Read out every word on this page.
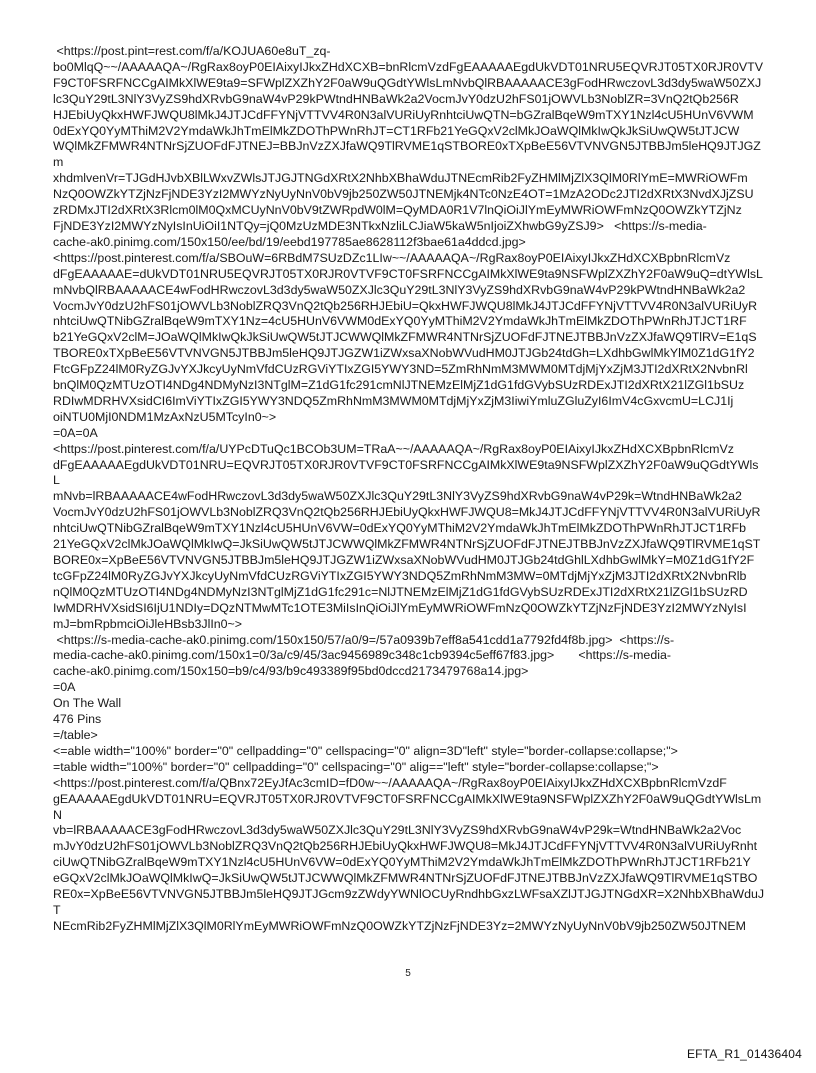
<https://post.pint=rest.com/f/a/KOJUA60e8uT_zq-
bo0MlqQ~~/AAAAAQA~/RgRax8oyP0EIAixyIJkxZHdXCXB=bnRlcmVzdFgEAAAAAEgdUkVDT01NRU5EQVRJT05TX0RJR0VTV
F9CT0FSRFNCCgAIMkXlWE9ta9=SFWplZXZhY2F0aW9uQGdtYWlsLmNvbQlRBAAAAACE3gFodHRwczovL3d3dy5waW50ZXJ
lc3QuY29tL3NlY3VyZS9hdXRvbG9naW4vP29kPWtndHNBaWk2a2VocmJvY0dzU2hFS01jOWVLb3NoblZR=3VnQ2tQb256R
HJEbiUyQkxHWFJWQU8lMkJ4JTJCdFFYNjVTTVV4R0N3alVURiUyRnhtciUwQTN=bGZralBqeW9mTXY1Nzl4cU5HUnV6VWM
0dExYQ0YyMThiM2V2YmdaWkJhTmElMkZDOThPWnRhJT=CT1RFb21YeGQxV2clMkJOaWQlMkIwQkJkSiUwQW5tJTJCW
WQlMkZFMWR4NTNrSjZUOFdFJTNEJ=BBJnVzZXJfaWQ9TlRVME1qSTBORE0xTXpBeE56VTVNVGN5JTBBJm5leHQ9JTJGZm
xhdmlvenVr=TJGdHJvbXBlLWxvZWlsJTJGJTNGdXRtX2NhbXBhaWduJTNEcmRib2FyZHMlMjZlX3QlM0RlYmE=MWRiOWFm
NzQ0OWZkYTZjNzFjNDE3YzI2MWYzNyUyNnV0bV9jb250ZW50JTNEMjk4NTc0NzE4OT=1MzA2ODc2JTI2dXRtX3NvdXJjZSU
zRDMxJTI2dXRtX3Rlcm0lM0QxMCUyNnV0bV9tZWRpdW0lM=QyMDA0R1V7lnQiOiJlYmEyMWRiOWFmNzQ0OWZkYTZjNz
FjNDE3YzI2MWYzNyIsInUiOiI1NTQy=jQ0MzUzMDE3NTkxNzliLCJiaW5kaW5nIjoiZXhwbG9yZSJ9>   <https://s-media-
cache-ak0.pinimg.com/150x150/ee/bd/19/eebd197785ae8628112f3bae61a4ddcd.jpg>
<https://post.pinterest.com/f/a/SBOuW=6RBdM7SUzDZc1LIw~~/AAAAAQA~/RgRax8oyP0EIAixyIJkxZHdXCXBpbnRlcmVz
dFgEAAAAAE=dUkVDT01NRU5EQVRJT05TX0RJR0VTVF9CT0FSRFNCCgAIMkXlWE9ta9NSFWplZXZhY2F0aW9uQ=dtYWlsL
mNvbQlRBAAAAACE4wFodHRwczovL3d3dy5waW50ZXJlc3QuY29tL3NlY3VyZS9hdXRvbG9naW4vP29kPWtndHNBaWk2a2
VocmJvY0dzU2hFS01jOWVLb3NoblZRQ3VnQ2tQb256RHJEbiU=QkxHWFJWQU8lMkJ4JTJCdFFYNjVTTVV4R0N3alVURiUyR
nhtciUwQTNibGZralBqeW9mTXY1Nz=4cU5HUnV6VWM0dExYQ0YyMThiM2V2YmdaWkJhTmElMkZDOThPWnRhJTJCT1RF
b21YeGQxV2clM=JOaWQlMkIwQkJkSiUwQW5tJTJCWWQlMkZFMWR4NTNrSjZUOFdFJTNEJTBBJnVzZXJfaWQ9TlRV=E1qS
TBORE0xTXpBeE56VTVNVGN5JTBBJm5leHQ9JTJGZW1iZWxsaXNobWVudHM0JTJGb24tdGh=LXdhbGwlMkYlM0Z1dG1fY2
FtcGFpZ24lM0RyZGJvYXJkcyUyNmVfdCUzRGViYTIxZGI5YWY3ND=5ZmRhNmM3MWM0MTdjMjYxZjM3JTI2dXRtX2NvbnRl
bnQlM0QzMTUzOTI4NDg4NDMyNzI3NTglM=Z1dG1fc291cmNlJTNEMzElMjZ1dG1fdGVybSUzRDExJTI2dXRtX21lZGl1bSUz
RDIwMDRHVXsidCI6ImViYTIxZGI5YWY3NDQ5ZmRhNmM3MWM0MTdjMjYxZjM3IiwiYmluZGluZyI6ImV4cGxvcmU=LCJ1Ij
oiNTU0MjI0NDM1MzAxNzU5MTcyIn0~>
=0A=0A
<https://post.pinterest.com/f/a/UYPcDTuQc1BCOb3UM=TRaA~~/AAAAAQA~/RgRax8oyP0EIAixyIJkxZHdXCXBpbnRlcmVz
dFgEAAAAAEgdUkVDT01NRU=EQVRJT05TX0RJR0VTVF9CT0FSRFNCCgAIMkXlWE9ta9NSFWplZXZhY2F0aW9uQGdtYWlsL
mNvb=lRBAAAAACE4wFodHRwczovL3d3dy5waW50ZXJlc3QuY29tL3NlY3VyZS9hdXRvbG9naW4vP29k=WtndHNBaWk2a2
VocmJvY0dzU2hFS01jOWVLb3NoblZRQ3VnQ2tQb256RHJEbiUyQkxHWFJWQU8=MkJ4JTJCdFFYNjVTTVV4R0N3alVURiUyR
nhtciUwQTNibGZralBqeW9mTXY1Nzl4cU5HUnV6VW=0dExYQ0YyMThiM2V2YmdaWkJhTmElMkZDOThPWnRhJTJCT1RFb
21YeGQxV2clMkJOaWQlMkIwQ=JkSiUwQW5tJTJCWWQlMkZFMWR4NTNrSjZUOFdFJTNEJTBBJnVzZXJfaWQ9TlRVME1qST
BORE0x=XpBeE56VTVNVGN5JTBBJm5leHQ9JTJGZW1iZWxsaXNobWVudHM0JTJGb24tdGhlLXdhbGwlMkY=M0Z1dG1fY2F
tcGFpZ24lM0RyZGJvYXJkcyUyNmVfdCUzRGViYTIxZGI5YWY3NDQ5ZmRhNmM3MW=0MTdjMjYxZjM3JTI2dXRtX2NvbnRlb
nQlM0QzMTUzOTI4NDg4NDMyNzI3NTglMjZ1dG1fc291c=NlJTNEMzElMjZ1dG1fdGVybSUzRDExJTI2dXRtX21lZGl1bSUzRD
IwMDRHVXsidSI6IjU1NDIy=DQzNTMwMTc1OTE3MiIsInQiOiJlYmEyMWRiOWFmNzQ0OWZkYTZjNzFjNDE3YzI2MWYzNyIsI
mJ=bmRpbmciOiJleHBsb3JlIn0~>
<https://s-media-cache-ak0.pinimg.com/150x150/57/a0/9=/57a0939b7eff8a541cdd1a7792fd4f8b.jpg>  <https://s-
media-cache-ak0.pinimg.com/150x1=0/3a/c9/45/3ac9456989c348c1cb9394c5eff67f83.jpg>       <https://s-media-
cache-ak0.pinimg.com/150x150=b9/c4/93/b9c493389f95bd0dccd2173479768a14.jpg>
=0A
On The Wall
476 Pins
=/table>
<=able width="100%" border="0" cellpadding="0" cellspacing="0" align=3D"left" style="border-collapse:collapse;">
=table width="100%" border="0" cellpadding="0" cellspacing="0" alig=="left" style="border-collapse:collapse;">
<https://post.pinterest.com/f/a/QBnx72EyJfAc3cmID=fD0w~~/AAAAAQA~/RgRax8oyP0EIAixyIJkxZHdXCXBpbnRlcmVzdF
gEAAAAAEgdUkVDT01NRU=EQVRJT05TX0RJR0VTVF9CT0FSRFNCCgAIMkXlWE9ta9NSFWplZXZhY2F0aW9uQGdtYWlsLmN
vb=lRBAAAAACE3gFodHRwczovL3d3dy5waW50ZXJlc3QuY29tL3NlY3VyZS9hdXRvbG9naW4vP29k=WtndHNBaWk2a2Voc
mJvY0dzU2hFS01jOWVLb3NoblZRQ3VnQ2tQb256RHJEbiUyQkxHWFJWQU8=MkJ4JTJCdFFYNjVTTVV4R0N3alVURiUyRnht
ciUwQTNibGZralBqeW9mTXY1Nzl4cU5HUnV6VW=0dExYQ0YyMThiM2V2YmdaWkJhTmElMkZDOThPWnRhJTJCT1RFb21Y
eGQxV2clMkJOaWQlMkIwQ=JkSiUwQW5tJTJCWWQlMkZFMWR4NTNrSjZUOFdFJTNEJTBBJnVzZXJfaWQ9TlRVME1qSTBO
RE0x=XpBeE56VTVNVGN5JTBBJm5leHQ9JTJGcm9zZWdyYWNlOCUyRndhbGxzLWFsaXZlJTJGJTNGdXR=X2NhbXBhaWduJT
NEcmRib2FyZHMlMjZlX3QlM0RlYmEyMWRiOWFmNzQ0OWZkYTZjNzFjNDE3Yz=2MWYzNyUyNnV0bV9jb250ZW50JTNEM
5
EFTA_R1_01436404
